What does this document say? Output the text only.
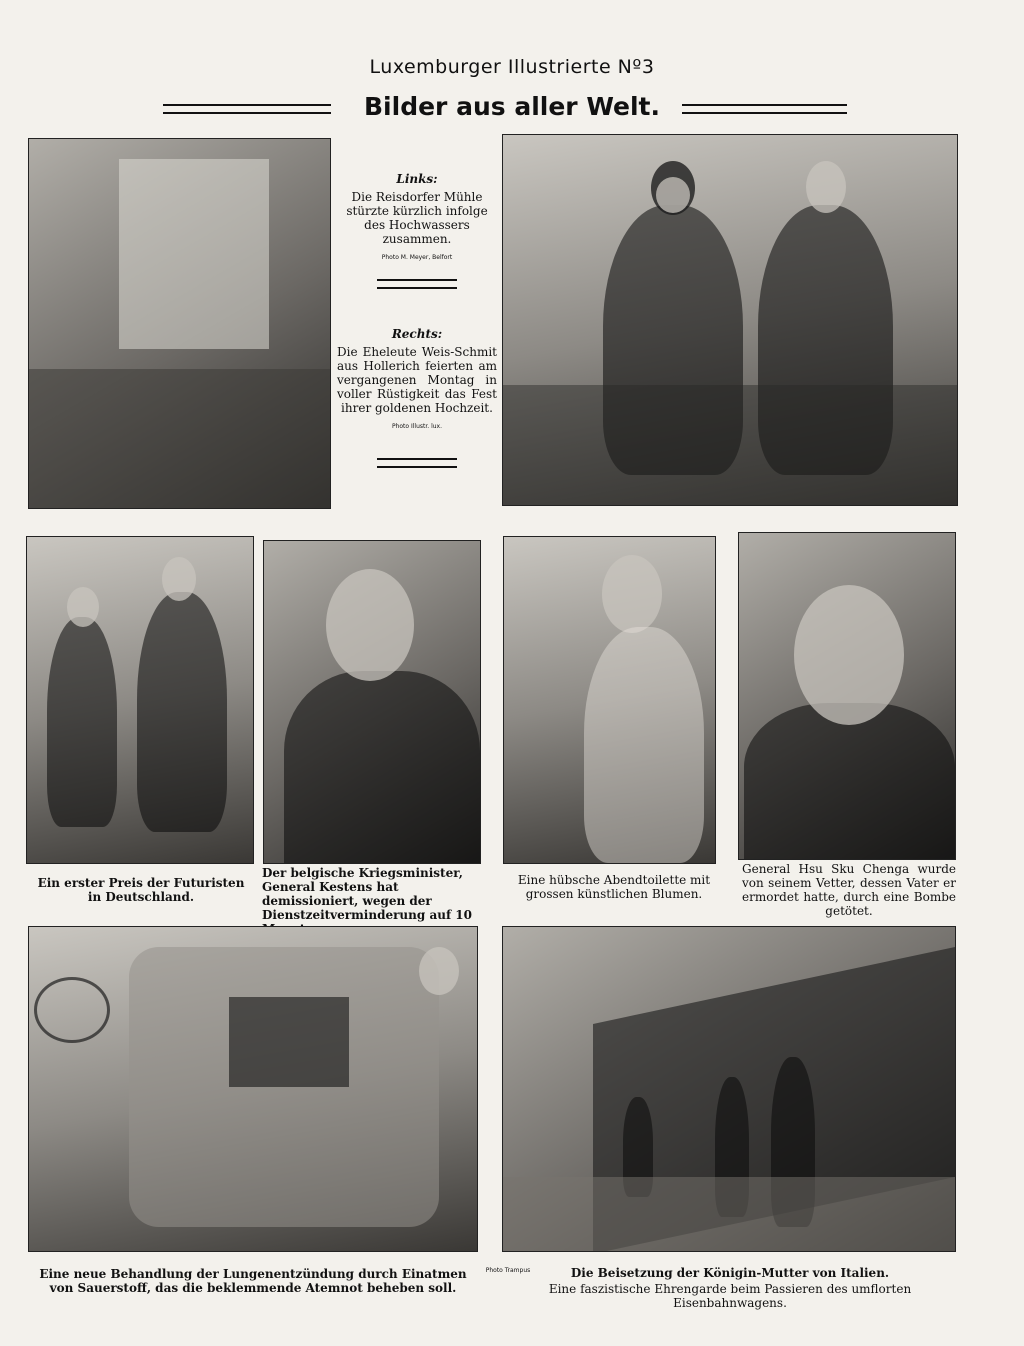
Luxemburger Illustrierte Nº3
Bilder aus aller Welt.
Links:
Die Reisdorfer Mühle stürzte kürzlich infolge des Hochwassers zusammen.
Photo M. Meyer, Belfort
Rechts:
Die Eheleute Weis-Schmit aus Hollerich feierten am vergangenen Montag in voller Rüstigkeit das Fest ihrer goldenen Hochzeit.
Photo Illustr. lux.
Ein erster Preis der Futuristen in Deutschland.
Der belgische Kriegsminister, General Kestens hat demissioniert, wegen der Dienstzeitverminderung auf 10
Eine hübsche Abendtoilette mit grossen künstlichen Blumen.
General Hsu Sku Chenga wurde von seinem Vetter, dessen Vater er ermordet hatte, durch eine Bombe getötet.
Eine neue Behandlung der Lungenentzündung durch Einatmen von Sauerstoff, das die beklemmende Atemnot beheben soll.
Photo Trampus	Die Beisetzung der Königin-Mutter von Italien.
Eine faszistische Ehrengarde beim Passieren des umflorten Eisenbahnwagens.
